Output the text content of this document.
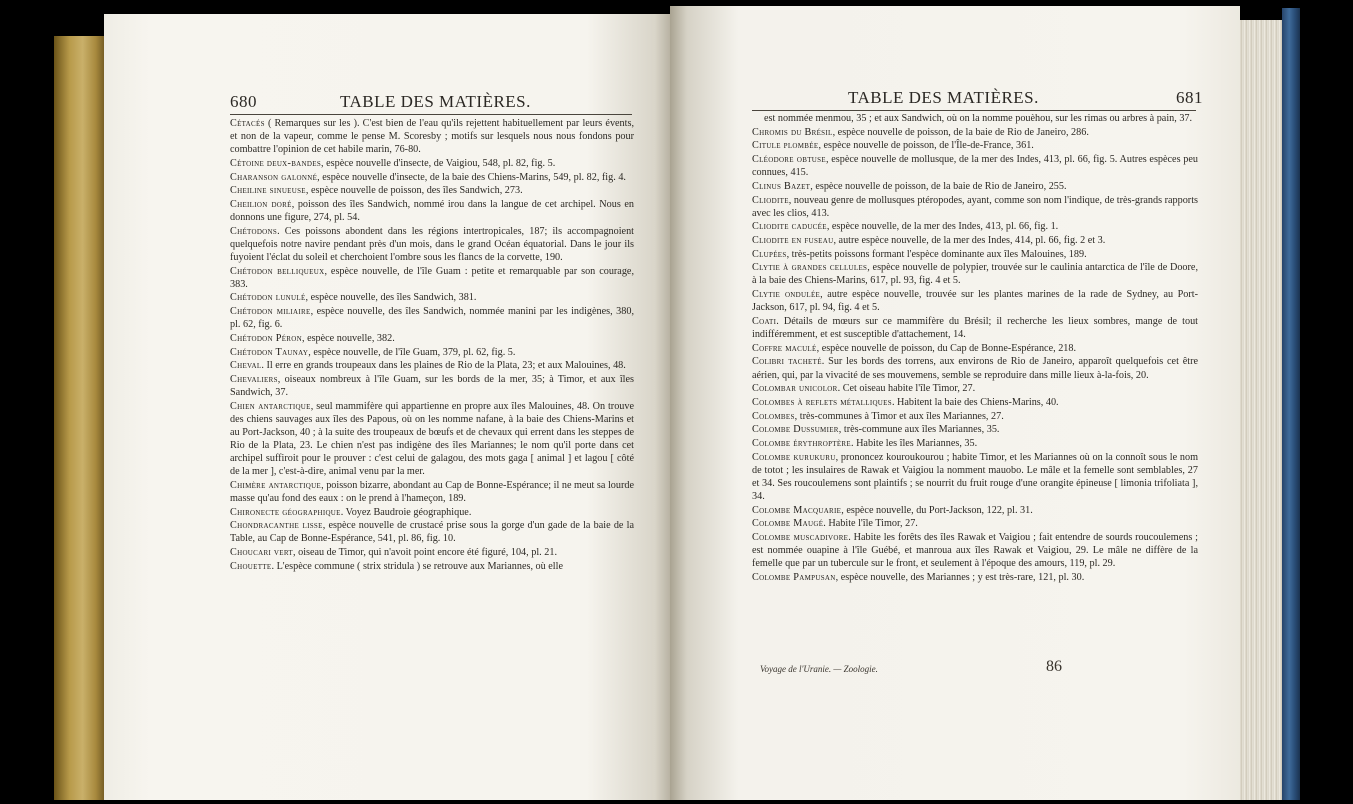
680	TABLE DES MATIÈRES.
Cétacés ( Remarques sur les ). C'est bien de l'eau qu'ils rejettent habituellement par leurs évents, et non de la vapeur, comme le pense M. Scoresby ; motifs sur lesquels nous nous fondons pour combattre l'opinion de cet habile marin, 76-80.
Cétoine deux-bandes, espèce nouvelle d'insecte, de Vaigiou, 548, pl. 82, fig. 5.
Charanson galonné, espèce nouvelle d'insecte, de la baie des Chiens-Marins, 549, pl. 82, fig. 4.
Cheiline sinueuse, espèce nouvelle de poisson, des îles Sandwich, 273.
Cheilion doré, poisson des îles Sandwich, nommé irou dans la langue de cet archipel. Nous en donnons une figure, 274, pl. 54.
Chétodons. Ces poissons abondent dans les régions intertropicales, 187; ils accompagnoient quelquefois notre navire pendant près d'un mois, dans le grand Océan équatorial. Dans le jour ils fuyoient l'éclat du soleil et cherchoient l'ombre sous les flancs de la corvette, 190.
Chétodon belliqueux, espèce nouvelle, de l'île Guam : petite et remarquable par son courage, 383.
Chétodon lunulé, espèce nouvelle, des îles Sandwich, 381.
Chétodon miliaire, espèce nouvelle, des îles Sandwich, nommée manini par les indigènes, 380, pl. 62, fig. 6.
Chétodon Péron, espèce nouvelle, 382.
Chétodon Taunay, espèce nouvelle, de l'île Guam, 379, pl. 62, fig. 5.
Cheval. Il erre en grands troupeaux dans les plaines de Rio de la Plata, 23; et aux Malouines, 48.
Chevaliers, oiseaux nombreux à l'île Guam, sur les bords de la mer, 35; à Timor, et aux îles Sandwich, 37.
Chien antarctique, seul mammifère qui appartienne en propre aux îles Malouines, 48. On trouve des chiens sauvages aux îles des Papous, où on les nomme nafane, à la baie des Chiens-Marins et au Port-Jackson, 40 ; à la suite des troupeaux de bœufs et de chevaux qui errent dans les steppes de Rio de la Plata, 23. Le chien n'est pas indigène des îles Mariannes; le nom qu'il porte dans cet archipel suffiroit pour le prouver : c'est celui de galagou, des mots gaga [ animal ] et lagou [ côté de la mer ], c'est-à-dire, animal venu par la mer.
Chimère antarctique, poisson bizarre, abondant au Cap de Bonne-Espérance; il ne meut sa lourde masse qu'au fond des eaux : on le prend à l'hameçon, 189.
Chironecte géographique. Voyez Baudroie géographique.
Chondracanthe lisse, espèce nouvelle de crustacé prise sous la gorge d'un gade de la baie de la Table, au Cap de Bonne-Espérance, 541, pl. 86, fig. 10.
Choucari vert, oiseau de Timor, qui n'avoit point encore été figuré, 104, pl. 21.
Chouette. L'espèce commune ( strix stridula ) se retrouve aux Mariannes, où elle
TABLE DES MATIÈRES.	681
est nommée menmou, 35 ; et aux Sandwich, où on la nomme pouèhou, sur les rimas ou arbres à pain, 37.
Chromis du Brésil, espèce nouvelle de poisson, de la baie de Rio de Janeiro, 286.
Citule plombée, espèce nouvelle de poisson, de l'Île-de-France, 361.
Cléodore obtuse, espèce nouvelle de mollusque, de la mer des Indes, 413, pl. 66, fig. 5. Autres espèces peu connues, 415.
Clinus Bazet, espèce nouvelle de poisson, de la baie de Rio de Janeiro, 255.
Cliodite, nouveau genre de mollusques ptéropodes, ayant, comme son nom l'indique, de très-grands rapports avec les clios, 413.
Cliodite caducée, espèce nouvelle, de la mer des Indes, 413, pl. 66, fig. 1.
Cliodite en fuseau, autre espèce nouvelle, de la mer des Indes, 414, pl. 66, fig. 2 et 3.
Clupées, très-petits poissons formant l'espèce dominante aux îles Malouines, 189.
Clytie à grandes cellules, espèce nouvelle de polypier, trouvée sur le caulinia antarctica de l'île de Doore, à la baie des Chiens-Marins, 617, pl. 93, fig. 4 et 5.
Clytie ondulée, autre espèce nouvelle, trouvée sur les plantes marines de la rade de Sydney, au Port-Jackson, 617, pl. 94, fig. 4 et 5.
Coati. Détails de mœurs sur ce mammifère du Brésil; il recherche les lieux sombres, mange de tout indifféremment, et est susceptible d'attachement, 14.
Coffre maculé, espèce nouvelle de poisson, du Cap de Bonne-Espérance, 218.
Colibri tacheté. Sur les bords des torrens, aux environs de Rio de Janeiro, apparoît quelquefois cet être aérien, qui, par la vivacité de ses mouvemens, semble se reproduire dans mille lieux à-la-fois, 20.
Colombar unicolor. Cet oiseau habite l'île Timor, 27.
Colombes à reflets métalliques. Habitent la baie des Chiens-Marins, 40.
Colombes, très-communes à Timor et aux îles Mariannes, 27.
Colombe Dussumier, très-commune aux îles Mariannes, 35.
Colombe érythroptère. Habite les îles Mariannes, 35.
Colombe kurukuru, prononcez kouroukourou ; habite Timor, et les Mariannes où on la connoît sous le nom de totot ; les insulaires de Rawak et Vaigiou la nomment mauobo. Le mâle et la femelle sont semblables, 27 et 34. Ses roucoulemens sont plaintifs ; se nourrit du fruit rouge d'une orangite épineuse [ limonia trifoliata ], 34.
Colombe Macquarie, espèce nouvelle, du Port-Jackson, 122, pl. 31.
Colombe Maugé. Habite l'île Timor, 27.
Colombe muscadivore. Habite les forêts des îles Rawak et Vaigiou ; fait entendre de sourds roucoulemens ; est nommée ouapine à l'île Guébé, et manroua aux îles Rawak et Vaigiou, 29. Le mâle ne diffère de la femelle que par un tubercule sur le front, et seulement à l'époque des amours, 119, pl. 29.
Colombe Pampusan, espèce nouvelle, des Mariannes ; y est très-rare, 121, pl. 30.
Voyage de l'Uranie. — Zoologie.	86
